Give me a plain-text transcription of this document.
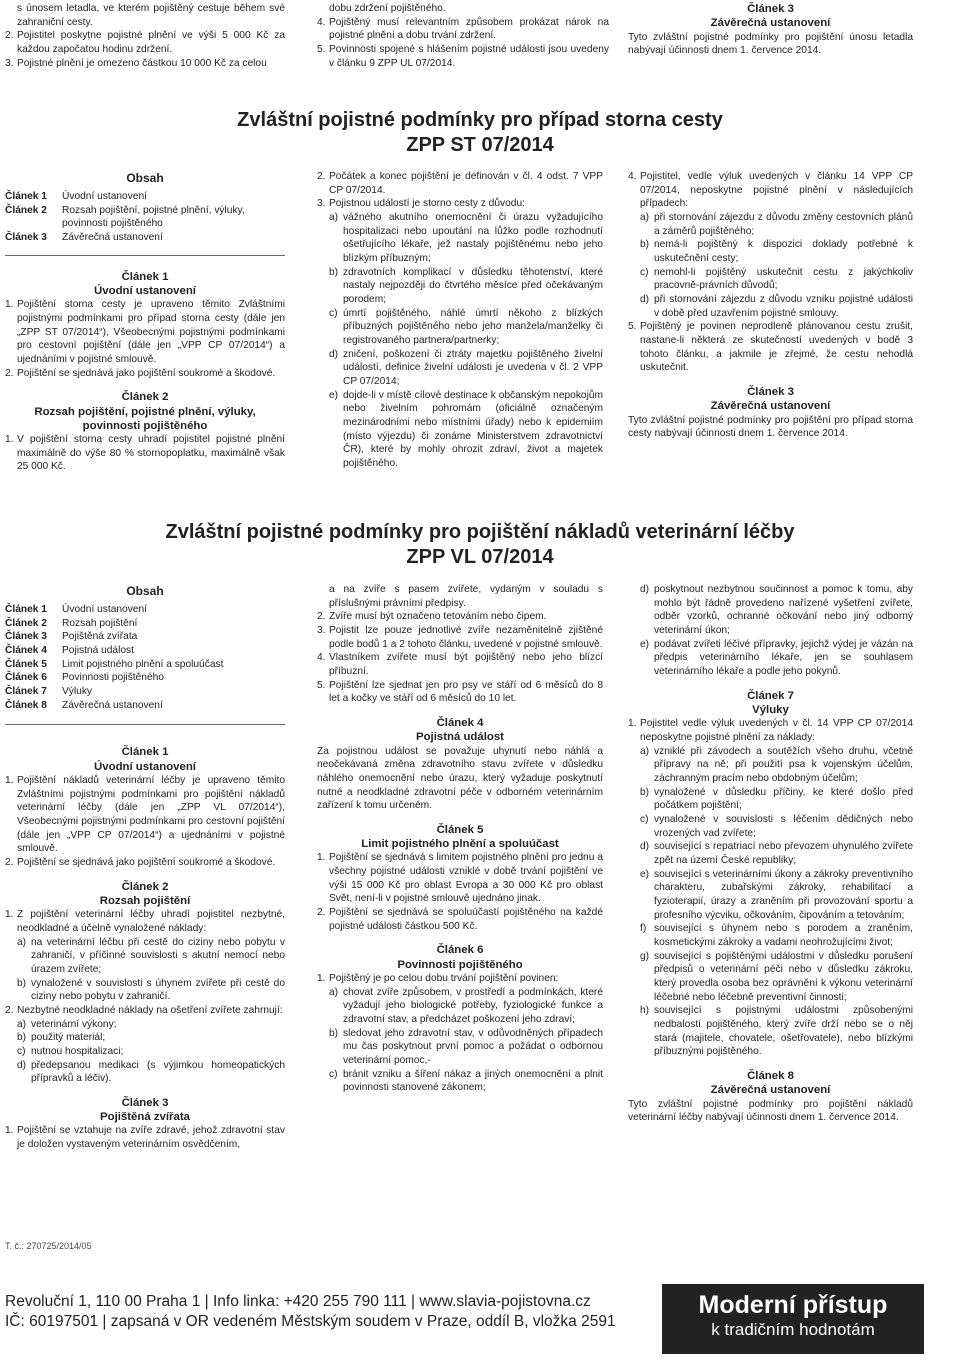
s únosem letadla, ve kterém pojištěný cestuje během své zahraniční cesty.
2. Pojistitel poskytne pojistné plnění ve výši 5 000 Kč za každou započatou hodinu zdržení.
3. Pojistné plnění je omezeno částkou 10 000 Kč za celou
dobu zdržení pojištěného.
4. Pojištěný musí relevantním způsobem prokázat nárok na pojistné plnění a dobu trvání zdržení.
5. Povinnosti spojené s hlášením pojistné události jsou uvedeny v článku 9 ZPP UL 07/2014.
Článek 3
Závěrečná ustanovení
Tyto zvláštní pojistné podmínky pro pojištění únosu letadla nabývají účinnosti dnem 1. července 2014.
Zvláštní pojistné podmínky pro případ storna cesty
ZPP ST 07/2014
Obsah
Článek 1	Úvodní ustanovení
Článek 2	Rozsah pojištění, pojistné plnění, výluky, povinnosti pojištěného
Článek 3	Závěrečná ustanovení
Článek 1
Úvodní ustanovení
1. Pojištění storna cesty je upraveno těmito Zvláštními pojistnými podmínkami pro případ storna cesty (dále jen „ZPP ST 07/2014“), Všeobecnými pojistnými podmínkami pro cestovní pojištění (dále jen „VPP CP 07/2014“) a ujednáními v pojistné smlouvě.
2. Pojištění se sjednává jako pojištění soukromé a škodové.
Článek 2
Rozsah pojištění, pojistné plnění, výluky, povinnosti pojištěného
1. V pojištění storna cesty uhradí pojistitel pojistné plnění maximálně do výše 80 % stornopoplatku, maximálně však 25 000 Kč.
2. Počátek a konec pojištění je definován v čl. 4 odst. 7 VPP CP 07/2014.
3. Pojistnou událostí je storno cesty z důvodu:
a) vážného akutního onemocnění či úrazu vyžadujícího hospitalizaci nebo upoutání na lůžko podle rozhodnutí ošetřujícího lékaře, jež nastaly pojištěnému nebo jeho blízkým příbuzným;
b) zdravotních komplikací v důsledku těhotenství, které nastaly nejpozději do čtvrtého měsíce před očekávaným porodem;
c) úmrtí pojištěného, náhlé úmrtí někoho z blízkých příbuzných pojištěného nebo jeho manžela/manželky či registrovaného partnera/partnerky;
d) zničení, poškození či ztráty majetku pojištěného živelní událostí, definice živelní události je uvedena v čl. 2 VPP CP 07/2014;
e) dojde-li v místě cílové destinace k občanským nepokojům nebo živelním pohromám (oficiálně označeným mezinárodními nebo místními úřady) nebo k epidemiím (místo výjezdu) či zonáme Ministerstvem zdravotnictví ČR), které by mohly ohrozit zdraví, život a majetek pojištěného.
4. Pojistitel, vedle výluk uvedených v článku 14 VPP CP 07/2014, neposkytne pojistné plnění v následujících případech:
a) při stornování zájezdu z důvodu změny cestovních plánů a záměrů pojištěného;
b) nemá-li pojištěný k dispozici doklady potřebné k uskutečnění cesty;
c) nemohl-li pojištěný uskutečnit cestu z jakýchkoliv pracovně-právních důvodů;
d) při stornování zájezdu z důvodu vzniku pojistné události v době před uzavřením pojistné smlouvy.
5. Pojištěný je povinen neprodleně plánovanou cestu zrušit, nastane-li některá ze skutečností uvedených v bodě 3 tohoto článku, a jakmile je zřejmé, že cestu nehodlá uskutečnit.
Článek 3
Závěrečná ustanovení
Tyto zvláštní pojistné podmínky pro pojištění pro případ storna cesty nabývají účinnosti dnem 1. července 2014.
Zvláštní pojistné podmínky pro pojištění nákladů veterinární léčby
ZPP VL 07/2014
Obsah
Článek 1	Úvodní ustanovení
Článek 2	Rozsah pojištění
Článek 3	Pojištěná zvířata
Článek 4	Pojistná událost
Článek 5	Limit pojistného plnění a spoluúčast
Článek 6	Povinnosti pojištěného
Článek 7	Výluky
Článek 8	Závěrečná ustanovení
Článek 1
Úvodní ustanovení
1. Pojištění nákladů veterinární léčby je upraveno těmito Zvláštními pojistnými podmínkami pro pojištění nákladů veterinární léčby (dále jen „ZPP VL 07/2014“), Všeobecnými pojistnými podmínkami pro cestovní pojištění (dále jen „VPP CP 07/2014“) a ujednáními v pojistné smlouvě.
2. Pojištění se sjednává jako pojištění soukromé a škodové.
Článek 2
Rozsah pojištění
1. Z pojištění veterinární léčby uhradí pojistitel nezbytné, neodkladné a účelně vynaložené náklady:
a) na veterinární léčbu při cestě do ciziny nebo pobytu v zahraničí, v příčinné souvislosti s akutní nemocí nebo úrazem zvířete;
b) vynaložené v souvislosti s úhynem zvířete při cestě do ciziny nebo pobytu v zahraničí.
2. Nezbytné neodkladné náklady na ošetření zvířete zahrnují:
a) veterinární výkony;
b) použitý materiál;
c) nutnou hospitalizaci;
d) předepsanou medikaci (s výjimkou homeopatických přípravků a léčiv).
Článek 3
Pojištěná zvířata
1. Pojištění se vztahuje na zvíře zdravé, jehož zdravotní stav je doložen vystaveným veterinárním osvědčením,
a na zvíře s pasem zvířete, vydaným v souladu s příslušnými právními předpisy.
2. Zvíře musí být označeno tetováním nebo čipem.
3. Pojistit lze pouze jednotlivé zvíře nezaměnitelně zjištěné podle bodů 1 a 2 tohoto článku, uvedené v pojistné smlouvě.
4. Vlastníkem zvířete musí být pojištěný nebo jeho blízcí příbuzní.
5. Pojištění lze sjednat jen pro psy ve stáří od 6 měsíců do 8 let a kočky ve stáří od 6 měsíců do 10 let.
Článek 4
Pojistná událost
Za pojistnou událost se považuje uhynutí nebo náhlá a neočekávaná změna zdravotního stavu zvířete v důsledku náhlého onemocnění nebo úrazu, který vyžaduje poskytnutí nutné a neodkladné zdravotní péče v odborném veterinárním zařízení k tomu určeném.
Článek 5
Limit pojistného plnění a spoluúčast
1. Pojištění se sjednává s limitem pojistného plnění pro jednu a všechny pojistné události vzniklé v době trvání pojištění ve výši 15 000 Kč pro oblast Evropa a 30 000 Kč pro oblast Svět, není-li v pojistné smlouvě ujednáno jinak.
2. Pojištění se sjednává se spoluúčastí pojištěného na každé pojistné události částkou 500 Kč.
Článek 6
Povinnosti pojištěného
1. Pojištěný je po celou dobu trvání pojištění povinen:
a) chovat zvíře způsobem, v prostředí a podmínkách, které vyžadují jeho biologické potřeby, fyziologické funkce a zdravotní stav, a předcházet poškození jeho zdraví;
b) sledovat jeho zdravotní stav, v odůvodněných případech mu čas poskytnout první pomoc a požádat o odbornou veterinární pomoc,-
c) bránit vzniku a šíření nákaz a jiných onemocnění a plnit povinnosti stanovené zákonem;
d) poskytnout nezbytnou součinnost a pomoc k tomu, aby mohlo být řádně provedeno nařízené vyšetření zvířete, odběr vzorků, ochranné očkování nebo jiný odborný veterinární úkon;
e) podávat zvířeti léčivé přípravky, jejichž výdej je vázán na předpis veterinárního lékaře, jen se souhlasem veterinárního lékaře a podle jeho pokynů.
Článek 7
Výluky
1. Pojistitel vedle výluk uvedených v čl. 14 VPP CP 07/2014 neposkytne pojistné plnění za náklady:
a) vzniklé při závodech a soutěžích všeho druhu, včetně přípravy na ně; při použití psa k vojenským účelům, záchranným pracím nebo obdobným účelům;
b) vynaložené v důsledku příčiny, ke které došlo před počátkem pojištění;
c) vynaložené v souvislosti s léčením dědičných nebo vrozených vad zvířete;
d) související s repatriací nebo převozem uhynulého zvířete zpět na území České republiky;
e) související s veterinárními úkony a zákroky preventivního charakteru, zubařskými zákroky, rehabilitací a fyzioterapií, úrazy a zraněním při provozování sportu a profesního výcviku, očkováním, čipováním a tetováním;
f) související s úhynem nebo s porodem a zraněním, kosmetickými zákroky a vadami neohrožujícími život;
g) související s pojištěnými událostmi v důsledku porušení předpisů o veterinární péči nebo v důsledku zákroku, který provedla osoba bez oprávnění k výkonu veterinární léčebné nebo léčebně preventivní činnosti;
h) související s pojistnými událostmi způsobenými nedbalostí pojištěného, který zvíře drží nebo se o něj stará (majitele, chovatele, ošetřovatele), nebo blízkými příbuznými pojištěného.
Článek 8
Závěrečná ustanovení
Tyto zvláštní pojistné podmínky pro pojištění nákladů veterinární léčby nabývají účinnosti dnem 1. července 2014.
T. č.: 270725/2014/05
Revoluční 1, 110 00 Praha 1 | Info linka: +420 255 790 111 | www.slavia-pojistovna.cz
IČ: 60197501 | zapsaná v OR vedeném Městským soudem v Praze, oddíl B, vložka 2591
Moderní přístup
k tradičním hodnotám
